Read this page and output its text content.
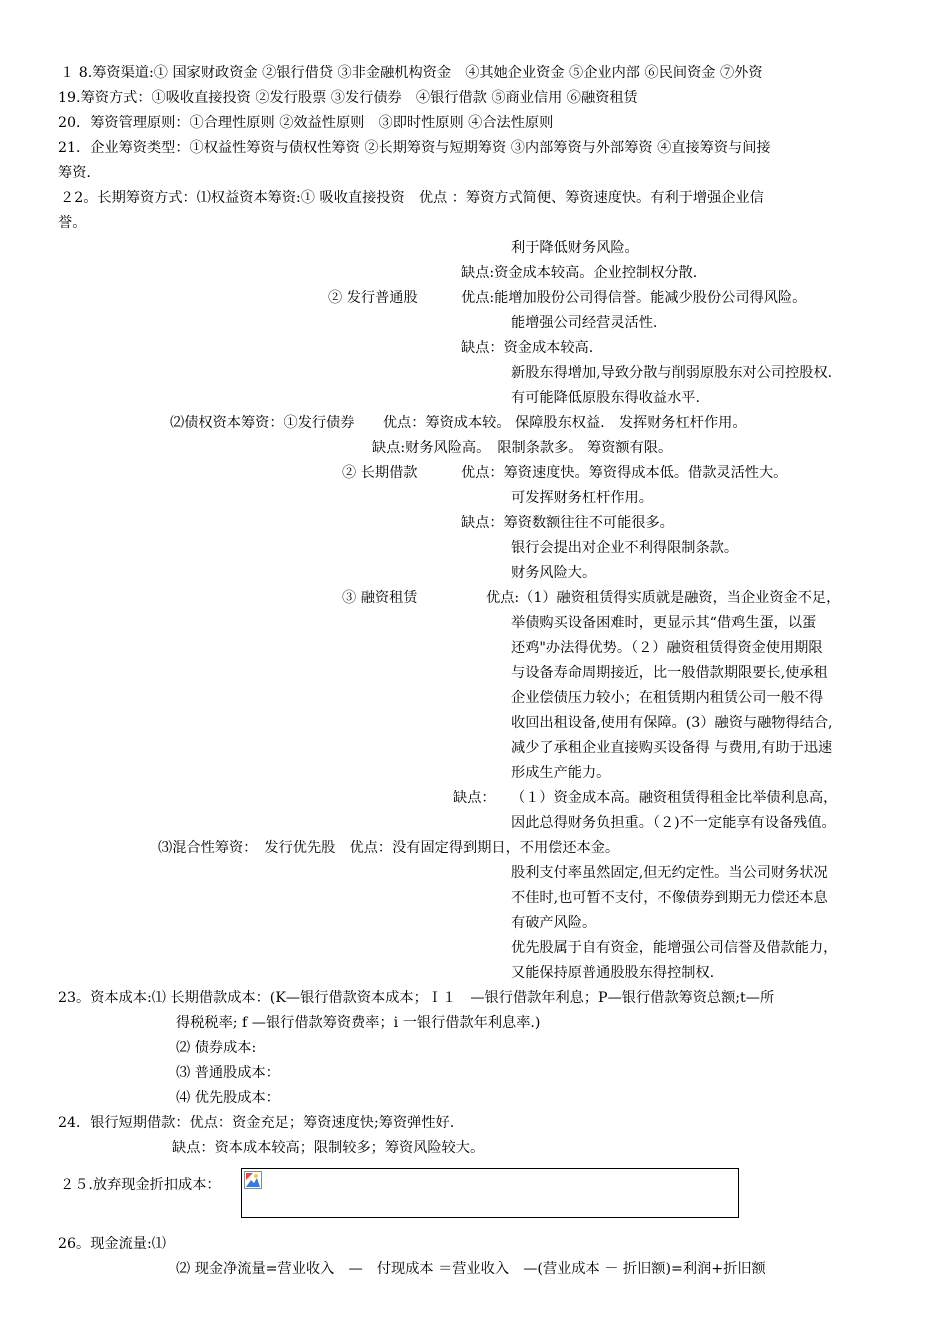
１ 8.筹资渠道:① 国家财政资金 ②银行借贷 ③非金融机构资金　④其她企业资金 ⑤企业内部 ⑥民间资金 ⑦外资
19.筹资方式：①吸收直接投资 ②发行股票 ③发行债券　④银行借款 ⑤商业信用 ⑥融资租赁
20．筹资管理原则：①合理性原则 ②效益性原则　③即时性原则 ④合法性原则
21．企业筹资类型：①权益性筹资与债权性筹资 ②长期筹资与短期筹资 ③内部筹资与外部筹资 ④直接筹资与间接
筹资.
２2。长期筹资方式：⑴权益资本筹资:① 吸收直接投资　优点 ：筹资方式简便、筹资速度快。有利于增强企业信
誉。
利于降低财务风险。
缺点:资金成本较高。企业控制权分散.
② 发行普通股	优点:能增加股份公司得信誉。能减少股份公司得风险。
能增强公司经营灵活性.
缺点：资金成本较高.
新股东得增加,导致分散与削弱原股东对公司控股权.
有可能降低原股东得收益水平.
⑵债权资本筹资：①发行债券　　优点：筹资成本较。 保障股东权益.　发挥财务杠杆作用。
缺点:财务风险高。　限制条款多。 筹资额有限。
② 长期借款	优点：筹资速度快。筹资得成本低。借款灵活性大。
可发挥财务杠杆作用。
缺点：筹资数额往往不可能很多。
银行会提出对企业不利得限制条款。
财务风险大。
③ 融资租赁	优点:（1）融资租赁得实质就是融资，当企业资金不足，
举债购买设备困难时，更显示其“借鸡生蛋，以蛋
还鸡"办法得优势。（２）融资租赁得资金使用期限
与设备寿命周期接近，比一般借款期限要长,使承租
企业偿债压力较小；在租赁期内租赁公司一般不得
收回出租设备,使用有保障。(3）融资与融物得结合,
减少了承租企业直接购买设备得 与费用,有助于迅速
形成生产能力。
缺点： （１）资金成本高。融资租赁得租金比举债利息高，
因此总得财务负担重。（２)不一定能享有设备残值。
⑶混合性筹资：　发行优先股　优点：没有固定得到期日，不用偿还本金。
股利支付率虽然固定,但无约定性。当公司财务状况
不佳时,也可暂不支付，不像债券到期无力偿还本息
有破产风险。
优先股属于自有资金，能增强公司信誉及借款能力，
又能保持原普通股股东得控制权.
23。资本成本:⑴ 长期借款成本：(K—银行借款资本成本；Ｉ１　—银行借款年利息；P—银行借款筹资总额;t—所
得税税率; f —银行借款筹资费率；i 一银行借款年利息率.)
⑵ 债券成本:
⑶ 普通股成本：
⑷ 优先股成本：
24．银行短期借款：优点：资金充足；筹资速度快;筹资弹性好.
缺点：资本成本较高；限制较多；筹资风险较大。
２５.放弃现金折扣成本：
26。现金流量:⑴
⑵ 现金净流量=营业收入　—　付现成本 ＝营业收入　—(营业成本 － 折旧额)=利润+折旧额
